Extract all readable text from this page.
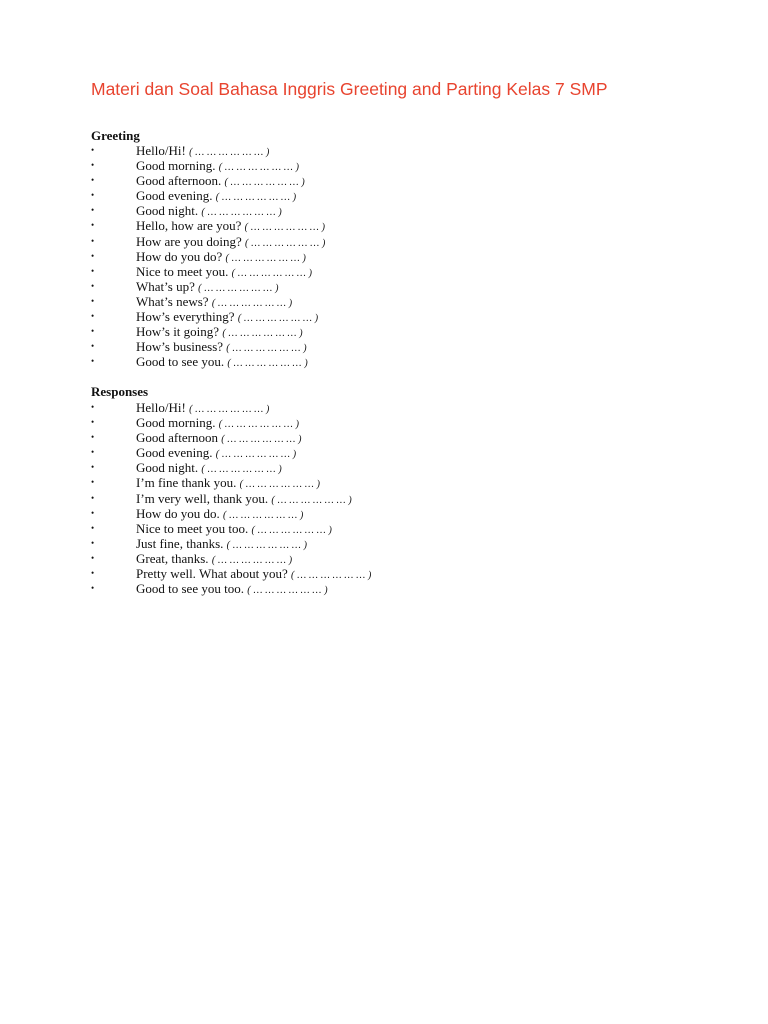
Materi dan Soal Bahasa Inggris Greeting and Parting Kelas 7 SMP
Greeting
•	Hello/Hi! ( … … … … … … )
•	Good morning. ( … … … … … … )
•	Good afternoon. ( … … … … … … )
•	Good evening. ( … … … … … … )
•	Good night. ( … … … … … … )
•	Hello, how are you? ( … … … … … … )
•	How are you doing? ( … … … … … … )
•	How do you do? ( … … … … … … )
•	Nice to meet you. ( … … … … … … )
•	What’s up? ( … … … … … … )
•	What’s news? ( … … … … … … )
•	How’s everything? ( … … … … … … )
•	How’s it going? ( … … … … … … )
•	How’s business? ( … … … … … … )
•	Good to see you. ( … … … … … … )
Responses
•	Hello/Hi! ( … … … … … … )
•	Good morning. ( … … … … … … )
•	Good afternoon ( … … … … … … )
•	Good evening. ( … … … … … … )
•	Good night. ( … … … … … … )
•	I’m fine thank you. ( … … … … … … )
•	I’m very well, thank you. ( … … … … … … )
•	How do you do. ( … … … … … … )
•	Nice to meet you too. ( … … … … … … )
•	Just fine, thanks. ( … … … … … … )
•	Great, thanks. ( … … … … … … )
•	Pretty well. What about you? ( … … … … … … )
•	Good to see you too. ( … … … … … … )
